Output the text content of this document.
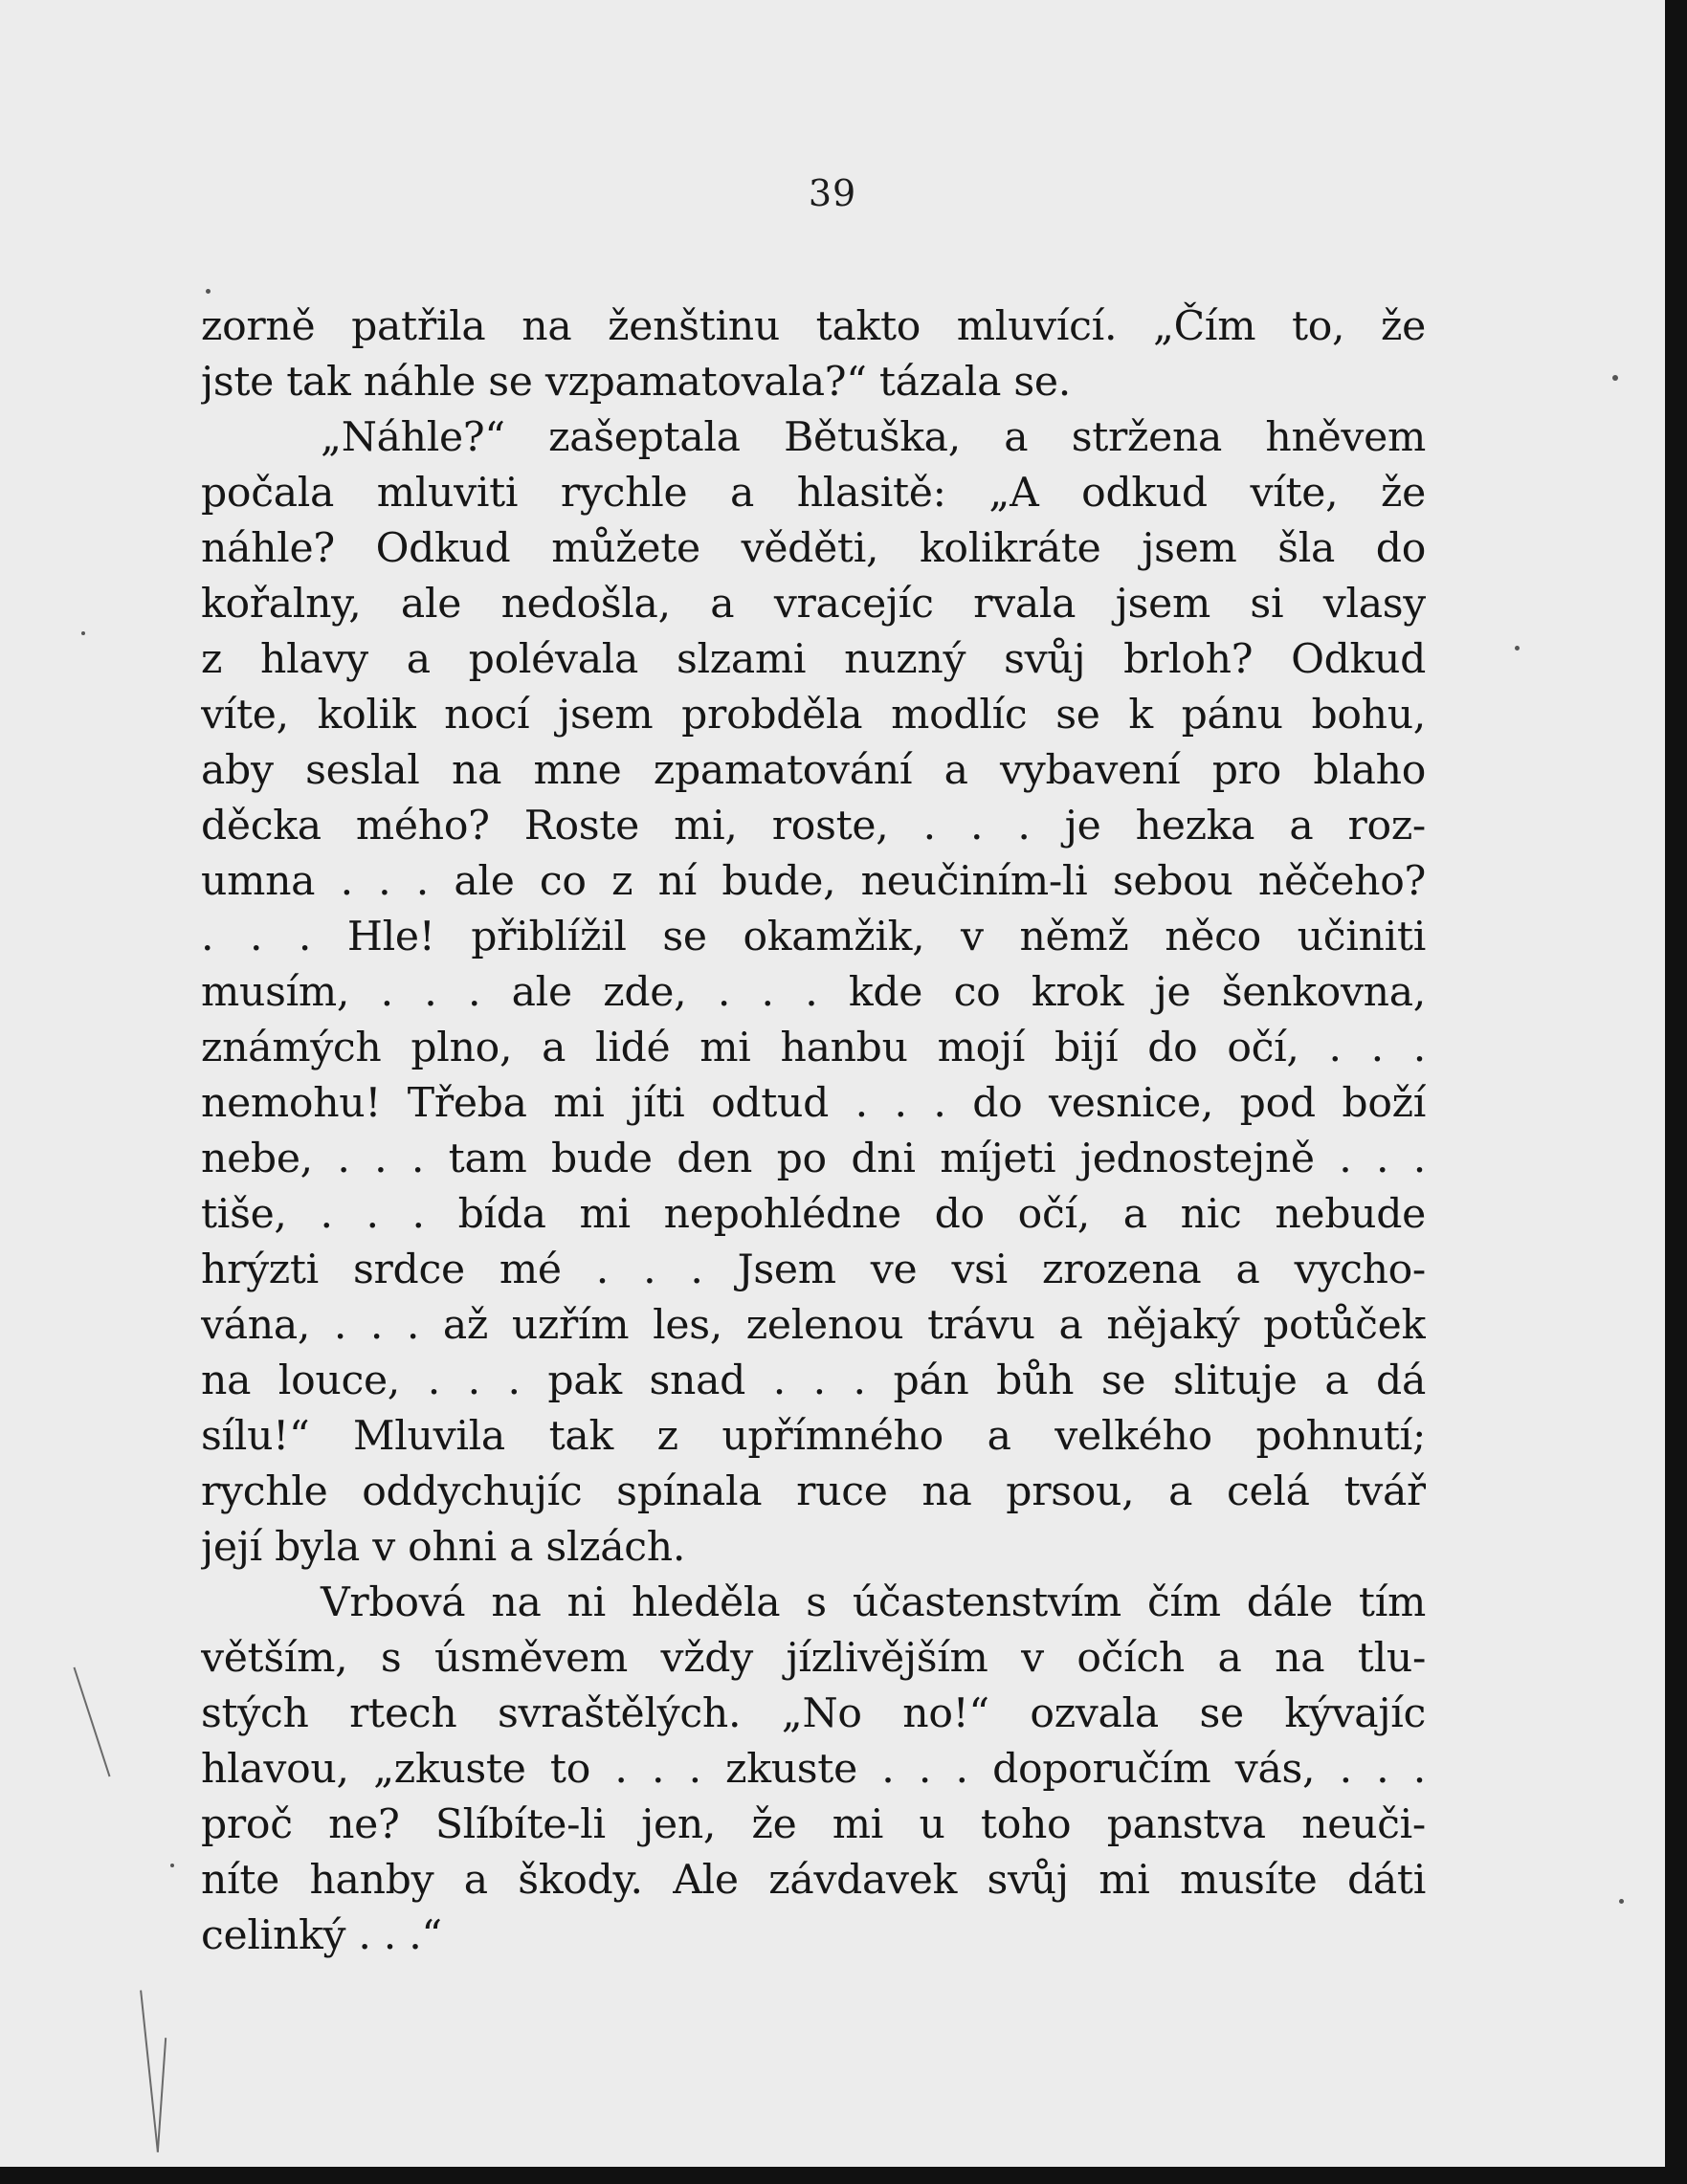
39
zorně patřila na ženštinu takto mluvící. „Čím to, že
jste tak náhle se vzpamatovala?“ tázala se.
„Náhle?“ zašeptala Bětuška, a stržena hněvem
počala mluviti rychle a hlasitě: „A odkud víte, že
náhle? Odkud můžete věděti, kolikráte jsem šla do
kořalny, ale nedošla, a vracejíc rvala jsem si vlasy
z hlavy a polévala slzami nuzný svůj brloh? Odkud
víte, kolik nocí jsem probděla modlíc se k pánu bohu,
aby seslal na mne zpamatování a vybavení pro blaho
děcka mého? Roste mi, roste, . . . je hezka a roz-
umna . . . ale co z ní bude, neučiním-li sebou něčeho?
. . . Hle! přiblížil se okamžik, v němž něco učiniti
musím, . . . ale zde, . . . kde co krok je šenkovna,
známých plno, a lidé mi hanbu mojí bijí do očí, . . .
nemohu! Třeba mi jíti odtud . . . do vesnice, pod boží
nebe, . . . tam bude den po dni míjeti jednostejně . . .
tiše, . . . bída mi nepohlédne do očí, a nic nebude
hrýzti srdce mé . . . Jsem ve vsi zrozena a vycho-
vána, . . . až uzřím les, zelenou trávu a nějaký potůček
na louce, . . . pak snad . . . pán bůh se slituje a dá
sílu!“ Mluvila tak z upřímného a velkého pohnutí;
rychle oddychujíc spínala ruce na prsou, a celá tvář
její byla v ohni a slzách.
Vrbová na ni hleděla s účastenstvím čím dále tím
větším, s úsměvem vždy jízlivějším v očích a na tlu-
stých rtech svraštělých. „No no!“ ozvala se kývajíc
hlavou, „zkuste to . . . zkuste . . . doporučím vás, . . .
proč ne? Slíbíte-li jen, že mi u toho panstva neuči-
níte hanby a škody. Ale závdavek svůj mi musíte dáti
celinký . . .“
